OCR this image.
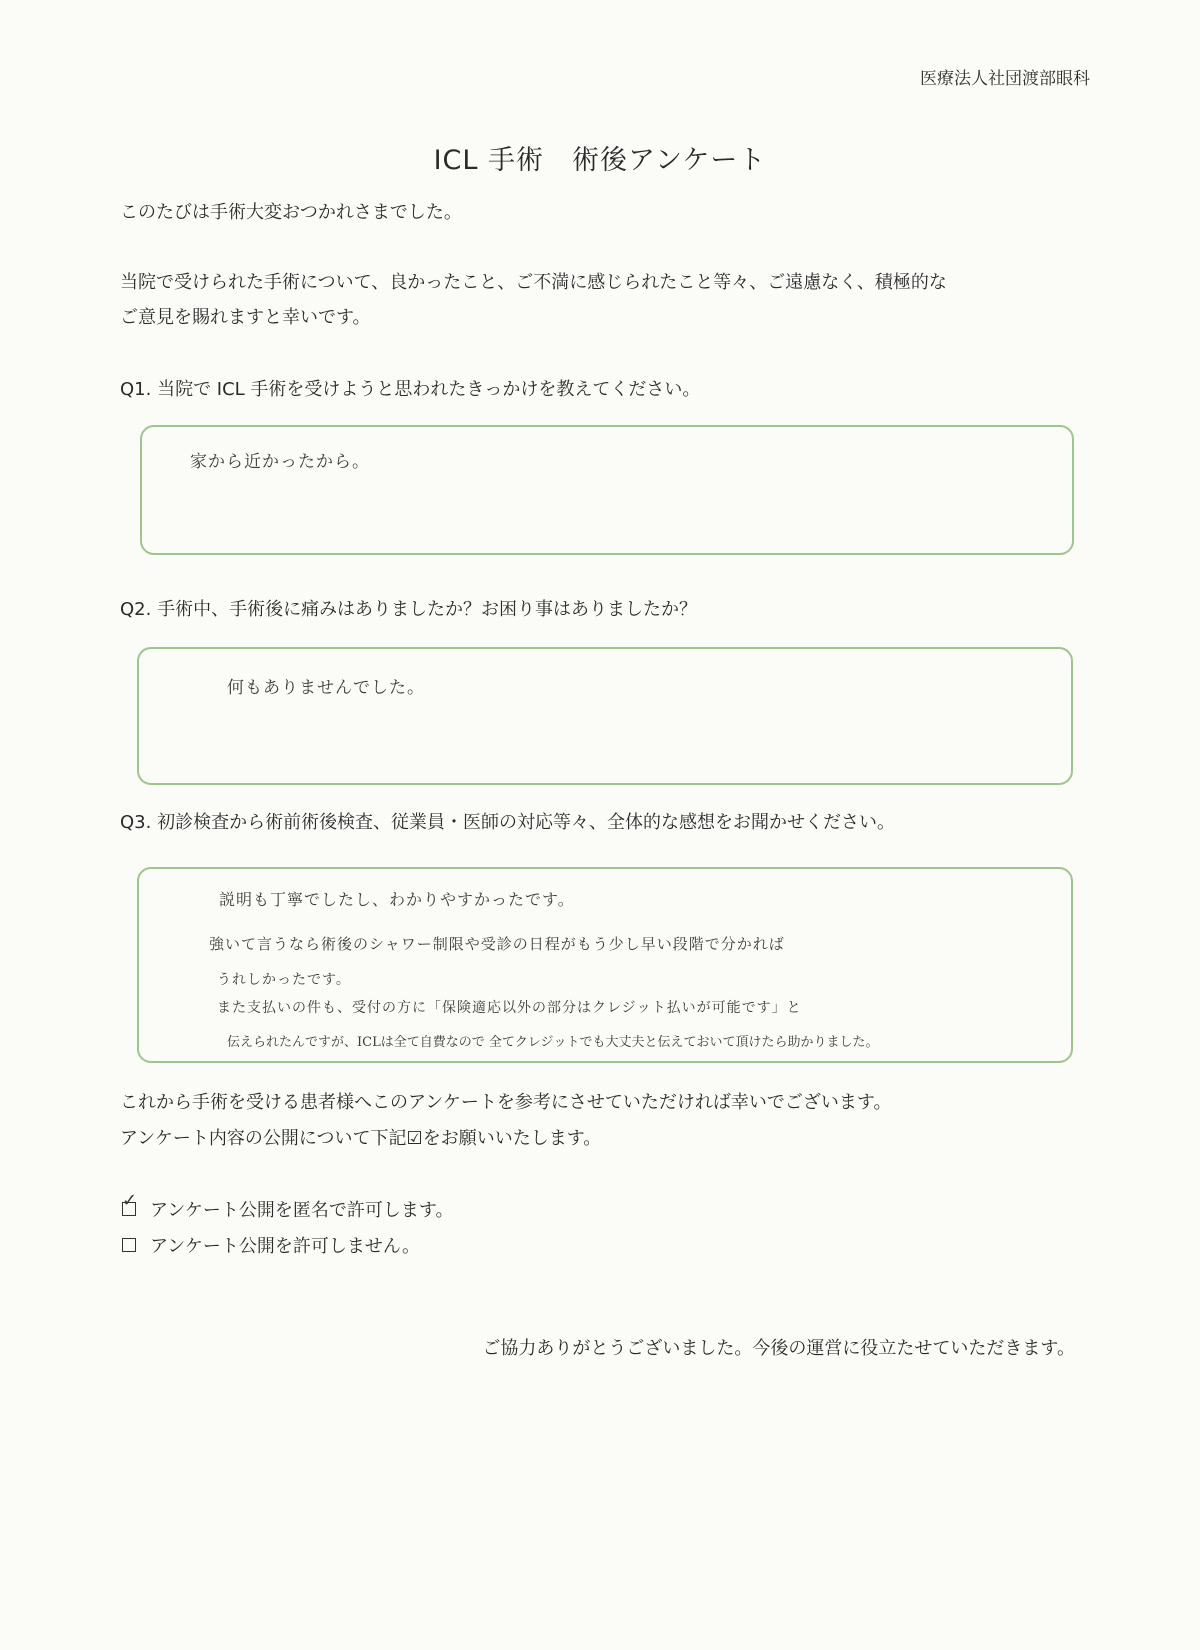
医療法人社団渡部眼科
ICL 手術　術後アンケート
このたびは手術大変おつかれさまでした。
当院で受けられた手術について、良かったこと、ご不満に感じられたこと等々、ご遠慮なく、積極的な
ご意見を賜れますと幸いです。
Q1. 当院で ICL 手術を受けようと思われたきっかけを教えてください。
家から近かったから。
Q2. 手術中、手術後に痛みはありましたか？お困り事はありましたか？
何もありませんでした。
Q3. 初診検査から術前術後検査、従業員・医師の対応等々、全体的な感想をお聞かせください。
説明も丁寧でしたし、わかりやすかったです。
強いて言うなら術後のシャワー制限や受診の日程がもう少し早い段階で分かれば
うれしかったです。
また支払いの件も、受付の方に「保険適応以外の部分はクレジット払いが可能です」と
伝えられたんですが、ICLは全て自費なので 全てクレジットでも大丈夫と伝えておいて頂けたら助かりました。
これから手術を受ける患者様へこのアンケートを参考にさせていただければ幸いでございます。
アンケート内容の公開について下記☑をお願いいたします。
✓ アンケート公開を匿名で許可します。
アンケート公開を許可しません。
ご協力ありがとうございました。今後の運営に役立たせていただきます。
